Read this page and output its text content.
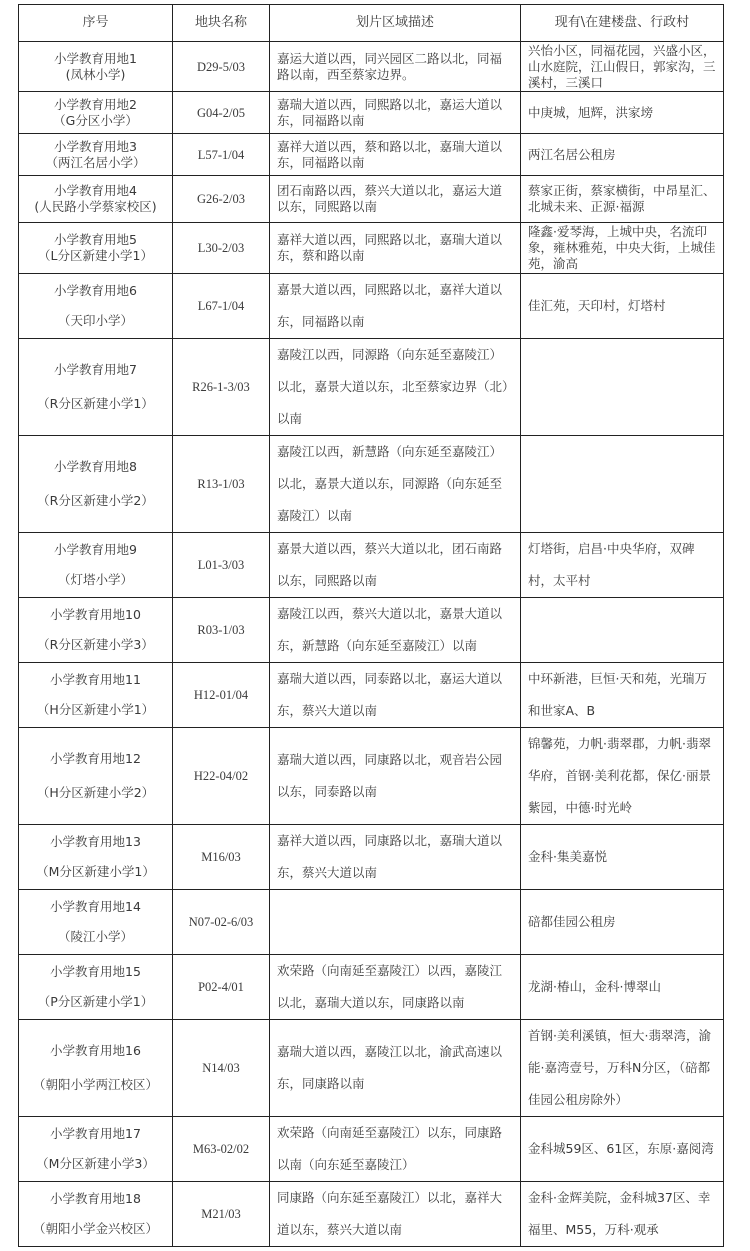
序号	地块名称	划片区域描述	现有\在建楼盘、行政村

小学教育用地1
(凤林小学)	D29-5/03	嘉运大道以西，同兴园区二路以北，同福路以南，西至蔡家边界。	兴怡小区，同福花园，兴盛小区，山水庭院，江山假日，郭家沟，三溪村，三溪口

小学教育用地2
（G分区小学）	G04-2/05	嘉瑞大道以西，同熙路以北，嘉运大道以东，同福路以南	中庚城，旭辉，洪家塝

小学教育用地3
（两江名居小学）	L57-1/04	嘉祥大道以西，蔡和路以北，嘉瑞大道以东，同福路以南	两江名居公租房

小学教育用地4
(人民路小学蔡家校区)	G26-2/03	团石南路以西，蔡兴大道以北，嘉运大道以东，同熙路以南	蔡家正街，蔡家横街，中昂星汇、北城未来、正源·福源

小学教育用地5
（L分区新建小学1）	L30-2/03	嘉祥大道以西，同熙路以北，嘉瑞大道以东，蔡和路以南	隆鑫·爱琴海，上城中央，名流印象，雍林雅苑，中央大街，上城佳苑，渝高

小学教育用地6
（天印小学）	L67-1/04	嘉景大道以西，同熙路以北，嘉祥大道以东，同福路以南	佳汇苑，天印村，灯塔村

小学教育用地7
（R分区新建小学1）	R26-1-3/03	嘉陵江以西，同源路（向东延至嘉陵江）以北，嘉景大道以东，北至蔡家边界（北）以南	

小学教育用地8
（R分区新建小学2）	R13-1/03	嘉陵江以西，新慧路（向东延至嘉陵江）以北，嘉景大道以东，同源路（向东延至嘉陵江）以南	

小学教育用地9
（灯塔小学）	L01-3/03	嘉景大道以西，蔡兴大道以北，团石南路以东，同熙路以南	灯塔街，启昌·中央华府，双碑村，太平村

小学教育用地10
（R分区新建小学3）	R03-1/03	嘉陵江以西，蔡兴大道以北，嘉景大道以东，新慧路（向东延至嘉陵江）以南	

小学教育用地11
（H分区新建小学1）	H12-01/04	嘉瑞大道以西，同泰路以北，嘉运大道以东，蔡兴大道以南	中环新港，巨恒·天和苑，光瑞万和世家A、B

小学教育用地12
（H分区新建小学2）	H22-04/02	嘉瑞大道以西，同康路以北，观音岩公园以东，同泰路以南	锦馨苑，力帆·翡翠郡，力帆·翡翠华府，首钢·美利花都，保亿·丽景紫园，中德·时光岭

小学教育用地13
（M分区新建小学1）	M16/03	嘉祥大道以西，同康路以北，嘉瑞大道以东，蔡兴大道以南	金科·集美嘉悦

小学教育用地14
（陵江小学）	N07-02-6/03		碚都佳园公租房

小学教育用地15
（P分区新建小学1）	P02-4/01	欢荣路（向南延至嘉陵江）以西，嘉陵江以北，嘉瑞大道以东，同康路以南	龙湖·椿山，金科·博翠山

小学教育用地16
（朝阳小学两江校区）	N14/03	嘉瑞大道以西，嘉陵江以北，渝武高速以东，同康路以南	首钢·美利溪镇，恒大·翡翠湾，渝能·嘉湾壹号，万科N分区，（碚都佳园公租房除外）

小学教育用地17
（M分区新建小学3）	M63-02/02	欢荣路（向南延至嘉陵江）以东，同康路以南（向东延至嘉陵江）	金科城59区、61区，东原·嘉阅湾

小学教育用地18
（朝阳小学金兴校区）	M21/03	同康路（向东延至嘉陵江）以北，嘉祥大道以东，蔡兴大道以南	金科·金辉美院，金科城37区、幸福里、M55，万科·观承
